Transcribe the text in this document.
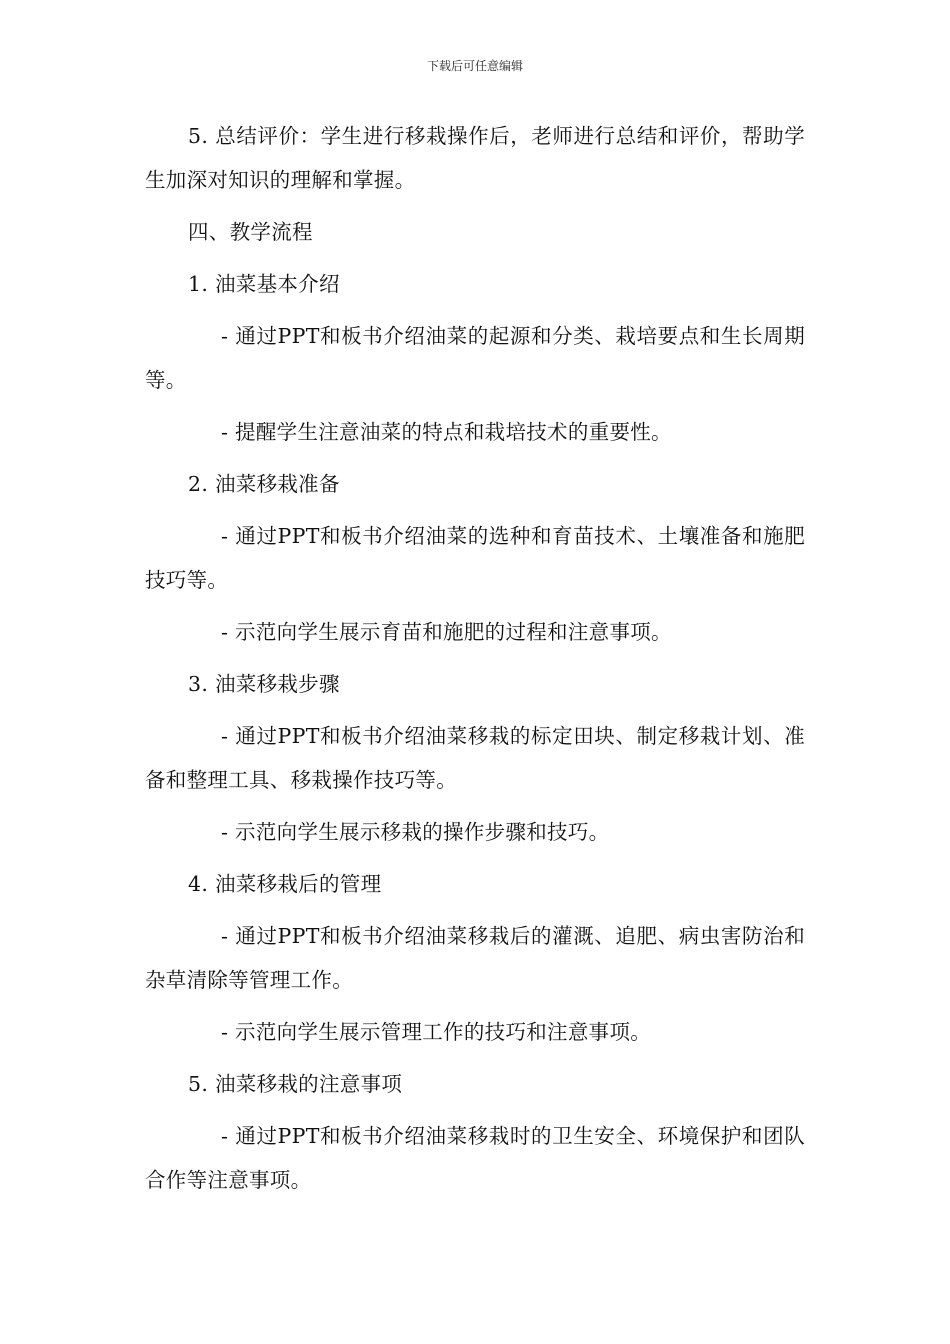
下载后可任意编辑

5. 总结评价：学生进行移栽操作后，老师进行总结和评价，帮助学生加深对知识的理解和掌握。

四、教学流程

1. 油菜基本介绍

- 通过PPT和板书介绍油菜的起源和分类、栽培要点和生长周期等。

- 提醒学生注意油菜的特点和栽培技术的重要性。

2. 油菜移栽准备

- 通过PPT和板书介绍油菜的选种和育苗技术、土壤准备和施肥技巧等。

- 示范向学生展示育苗和施肥的过程和注意事项。

3. 油菜移栽步骤

- 通过PPT和板书介绍油菜移栽的标定田块、制定移栽计划、准备和整理工具、移栽操作技巧等。

- 示范向学生展示移栽的操作步骤和技巧。

4. 油菜移栽后的管理

- 通过PPT和板书介绍油菜移栽后的灌溉、追肥、病虫害防治和杂草清除等管理工作。

- 示范向学生展示管理工作的技巧和注意事项。

5. 油菜移栽的注意事项

- 通过PPT和板书介绍油菜移栽时的卫生安全、环境保护和团队合作等注意事项。
